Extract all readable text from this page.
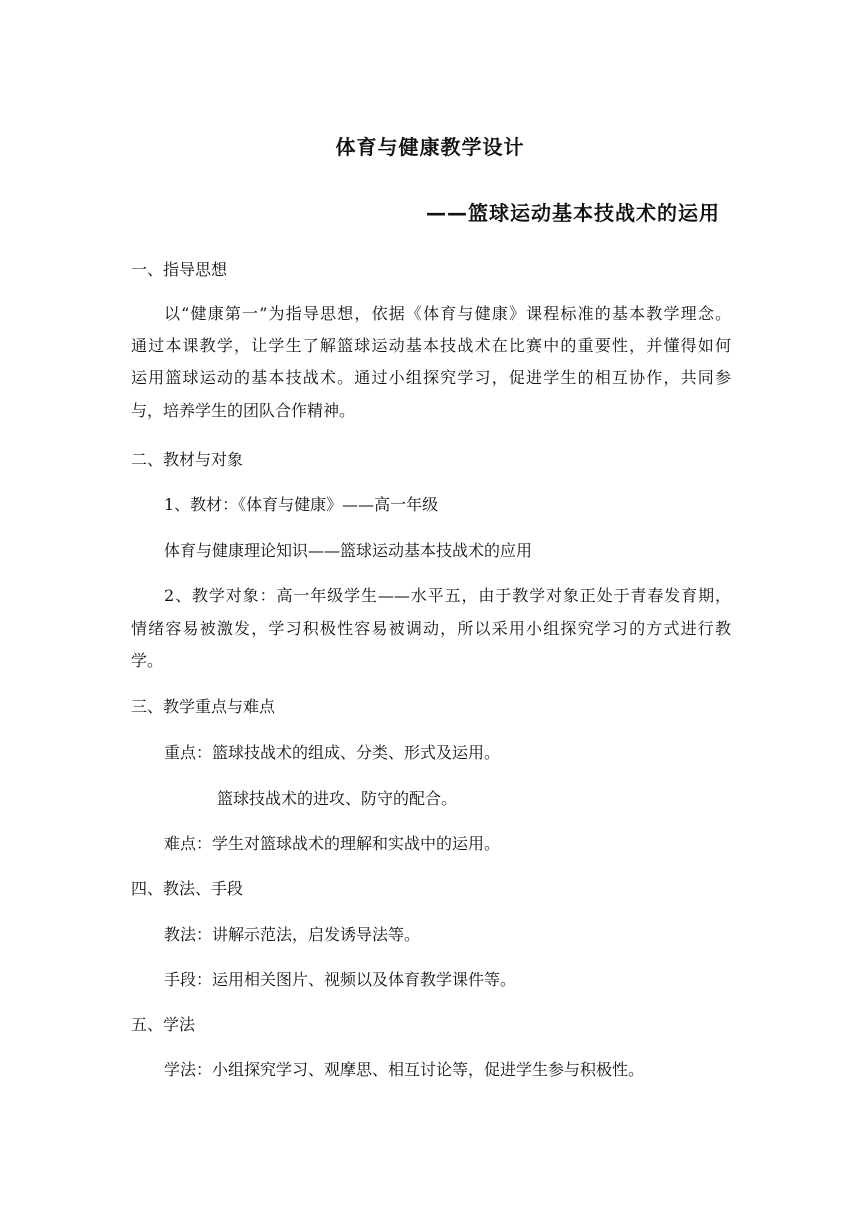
体育与健康教学设计
——篮球运动基本技战术的运用
一、指导思想
以“健康第一”为指导思想，依据《体育与健康》课程标准的基本教学理念。
通过本课教学，让学生了解篮球运动基本技战术在比赛中的重要性，并懂得如何
运用篮球运动的基本技战术。通过小组探究学习，促进学生的相互协作，共同参
与，培养学生的团队合作精神。
二、教材与对象
1、教材：《体育与健康》——高一年级
体育与健康理论知识——篮球运动基本技战术的应用
2、教学对象：高一年级学生——水平五，由于教学对象正处于青春发育期，
情绪容易被激发，学习积极性容易被调动，所以采用小组探究学习的方式进行教
学。
三、教学重点与难点
重点：篮球技战术的组成、分类、形式及运用。
篮球技战术的进攻、防守的配合。
难点：学生对篮球战术的理解和实战中的运用。
四、教法、手段
教法：讲解示范法，启发诱导法等。
手段：运用相关图片、视频以及体育教学课件等。
五、学法
学法：小组探究学习、观摩思、相互讨论等，促进学生参与积极性。
